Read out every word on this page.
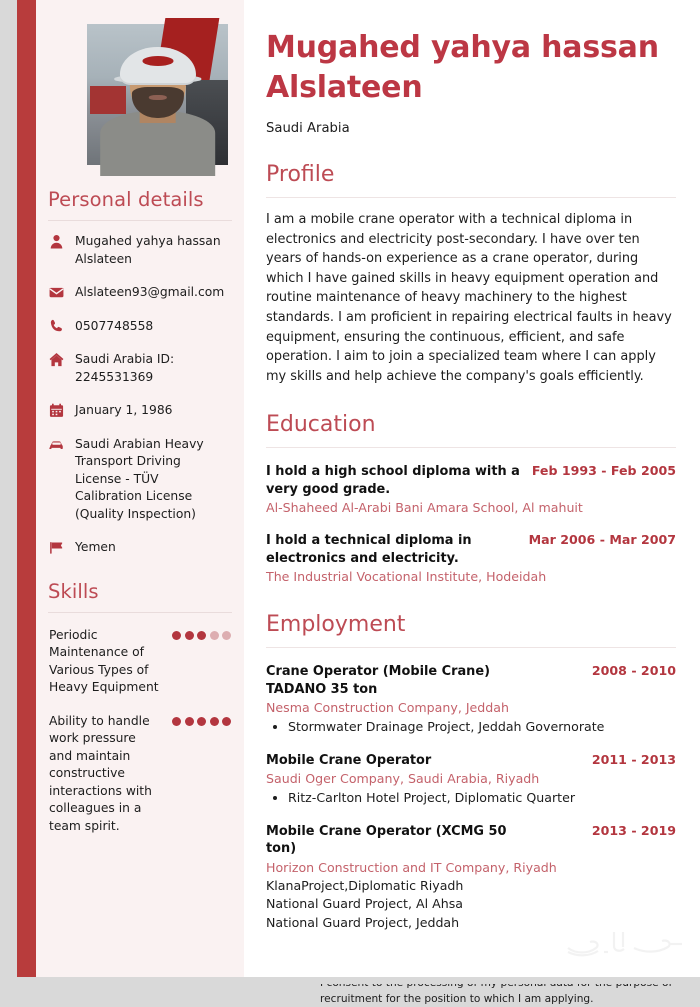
Personal details
Mugahed yahya hassan Alslateen
Alslateen93@gmail.com
0507748558
Saudi Arabia ID: 2245531369
January 1, 1986
Saudi Arabian Heavy Transport Driving License - TÜV Calibration License (Quality Inspection)
Yemen
Skills
Periodic Maintenance of Various Types of Heavy Equipment
Ability to handle work pressure and maintain constructive interactions with colleagues in a team spirit.
Mugahed yahya hassan Alslateen
Saudi Arabia
Profile

I am a mobile crane operator with a technical diploma in electronics and electricity post-secondary. I have over ten years of hands-on experience as a crane operator, during which I have gained skills in heavy equipment operation and routine maintenance of heavy machinery to the highest standards. I am proficient in repairing electrical faults in heavy equipment, ensuring the continuous, efficient, and safe operation. I aim to join a specialized team where I can apply my skills and help achieve the company's goals efficiently.

Education
I hold a high school diploma with a very good grade.
Feb 1993 - Feb 2005
Al-Shaheed Al-Arabi Bani Amara School, Al mahuit
I hold a technical diploma in electronics and electricity.
Mar 2006 - Mar 2007
The Industrial Vocational Institute, Hodeidah
Employment
Crane Operator (Mobile Crane) TADANO 35 ton
2008 - 2010
Nesma Construction Company, Jeddah
• Stormwater Drainage Project, Jeddah Governorate
Mobile Crane Operator	2011 - 2013
Saudi Oger Company, Saudi Arabia, Riyadh
• Ritz-Carlton Hotel Project, Diplomatic Quarter
Mobile Crane Operator (XCMG 50 ton)
2013 - 2019
Horizon Construction and IT Company, Riyadh
KlanaProject,Diplomatic Riyadh
National Guard Project, Al Ahsa
National Guard Project, Jeddah
• recruitment for the position to which I am applying.
